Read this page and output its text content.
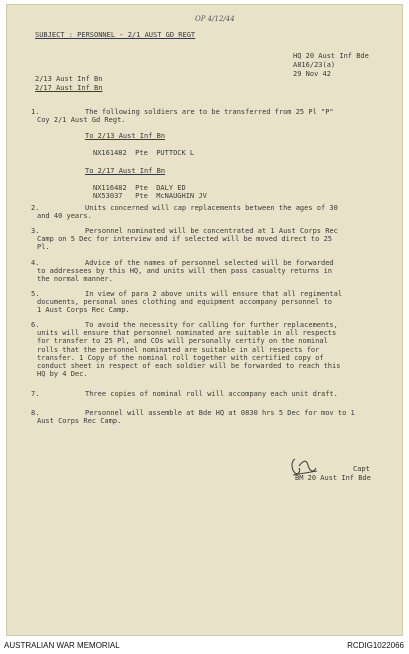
OP 4/12/44
SUBJECT : PERSONNEL - 2/1 AUST GD REGT
HQ 20 Aust Inf Bde
A816/23(a)
29 Nov 42
2/13 Aust Inf Bn
2/17 Aust Inf Bn
1.	The following soldiers are to be transferred from 25 Pl "P"
Coy 2/1 Aust Gd Regt.
To 2/13 Aust Inf Bn
NX161482  Pte  PUTTOCK L
To 2/17 Aust Inf Bn
NX116482  Pte  DALY ED
NX53037   Pte  McNAUGHIN JV
2.	Units concerned will cap replacements between the ages of 30
and 40 years.
3.	Personnel nominated will be concentrated at 1 Aust Corps Rec
Camp on 5 Dec for interview and if selected will be moved direct to 25
Pl.
4.	Advice of the names of personnel selected will be forwarded
to addressees by this HQ, and units will then pass casualty returns in
the normal manner.
5.	In view of para 2 above units will ensure that all regimental
documents, personal ones clothing and equipment accompany personnel to
1 Aust Corps Rec Camp.
6.	To avoid the necessity for calling for further replacements,
units will ensure that personnel nominated are suitable in all respects
for transfer to 25 Pl, and COs will personally certify on the nominal
rolls that the personnel nominated are suitable in all respects for
transfer. 1 Copy of the nominal roll together with certified copy of
conduct sheet in respect of each soldier will be forwarded to reach this
HQ by 4 Dec.
7.	Three copies of nominal roll will accompany each unit draft.
8.	Personnel will assemble at Bde HQ at 0830 hrs 5 Dec for mov to 1
Aust Corps Rec Camp.
Capt
BM 20 Aust Inf Bde
AUSTRALIAN WAR MEMORIAL	RCDIG1022066
